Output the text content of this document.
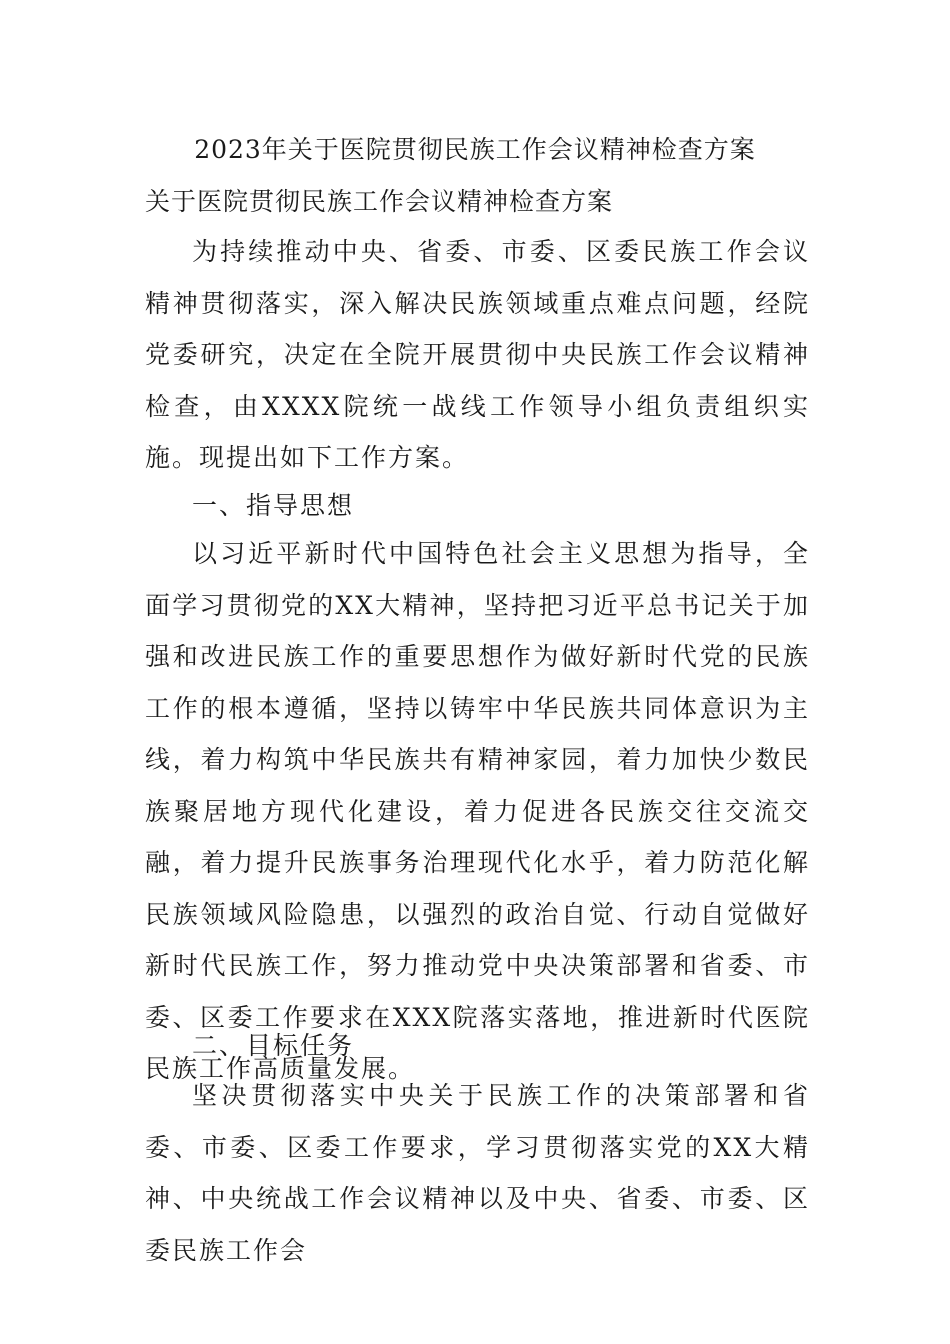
2023年关于医院贯彻民族工作会议精神检查方案
关于医院贯彻民族工作会议精神检查方案

为持续推动中央、省委、市委、区委民族工作会议精神贯彻落实，深入解决民族领域重点难点问题，经院党委研究，决定在全院开展贯彻中央民族工作会议精神检查，由XXXX院统一战线工作领导小组负责组织实施。现提出如下工作方案。

一、指导思想

以习近平新时代中国特色社会主义思想为指导，全面学习贯彻党的XX大精神，坚持把习近平总书记关于加强和改进民族工作的重要思想作为做好新时代党的民族工作的根本遵循，坚持以铸牢中华民族共同体意识为主线，着力构筑中华民族共有精神家园，着力加快少数民族聚居地方现代化建设，着力促进各民族交往交流交融，着力提升民族事务治理现代化水乎，着力防范化解民族领域风险隐患，以强烈的政治自觉、行动自觉做好新时代民族工作，努力推动党中央决策部署和省委、市委、区委工作要求在XXX院落实落地，推进新时代医院民族工作高质量发展。

二、目标任务

坚决贯彻落实中央关于民族工作的决策部署和省委、市委、区委工作要求，学习贯彻落实党的XX大精神、中央统战工作会议精神以及中央、省委、市委、区委民族工作会
